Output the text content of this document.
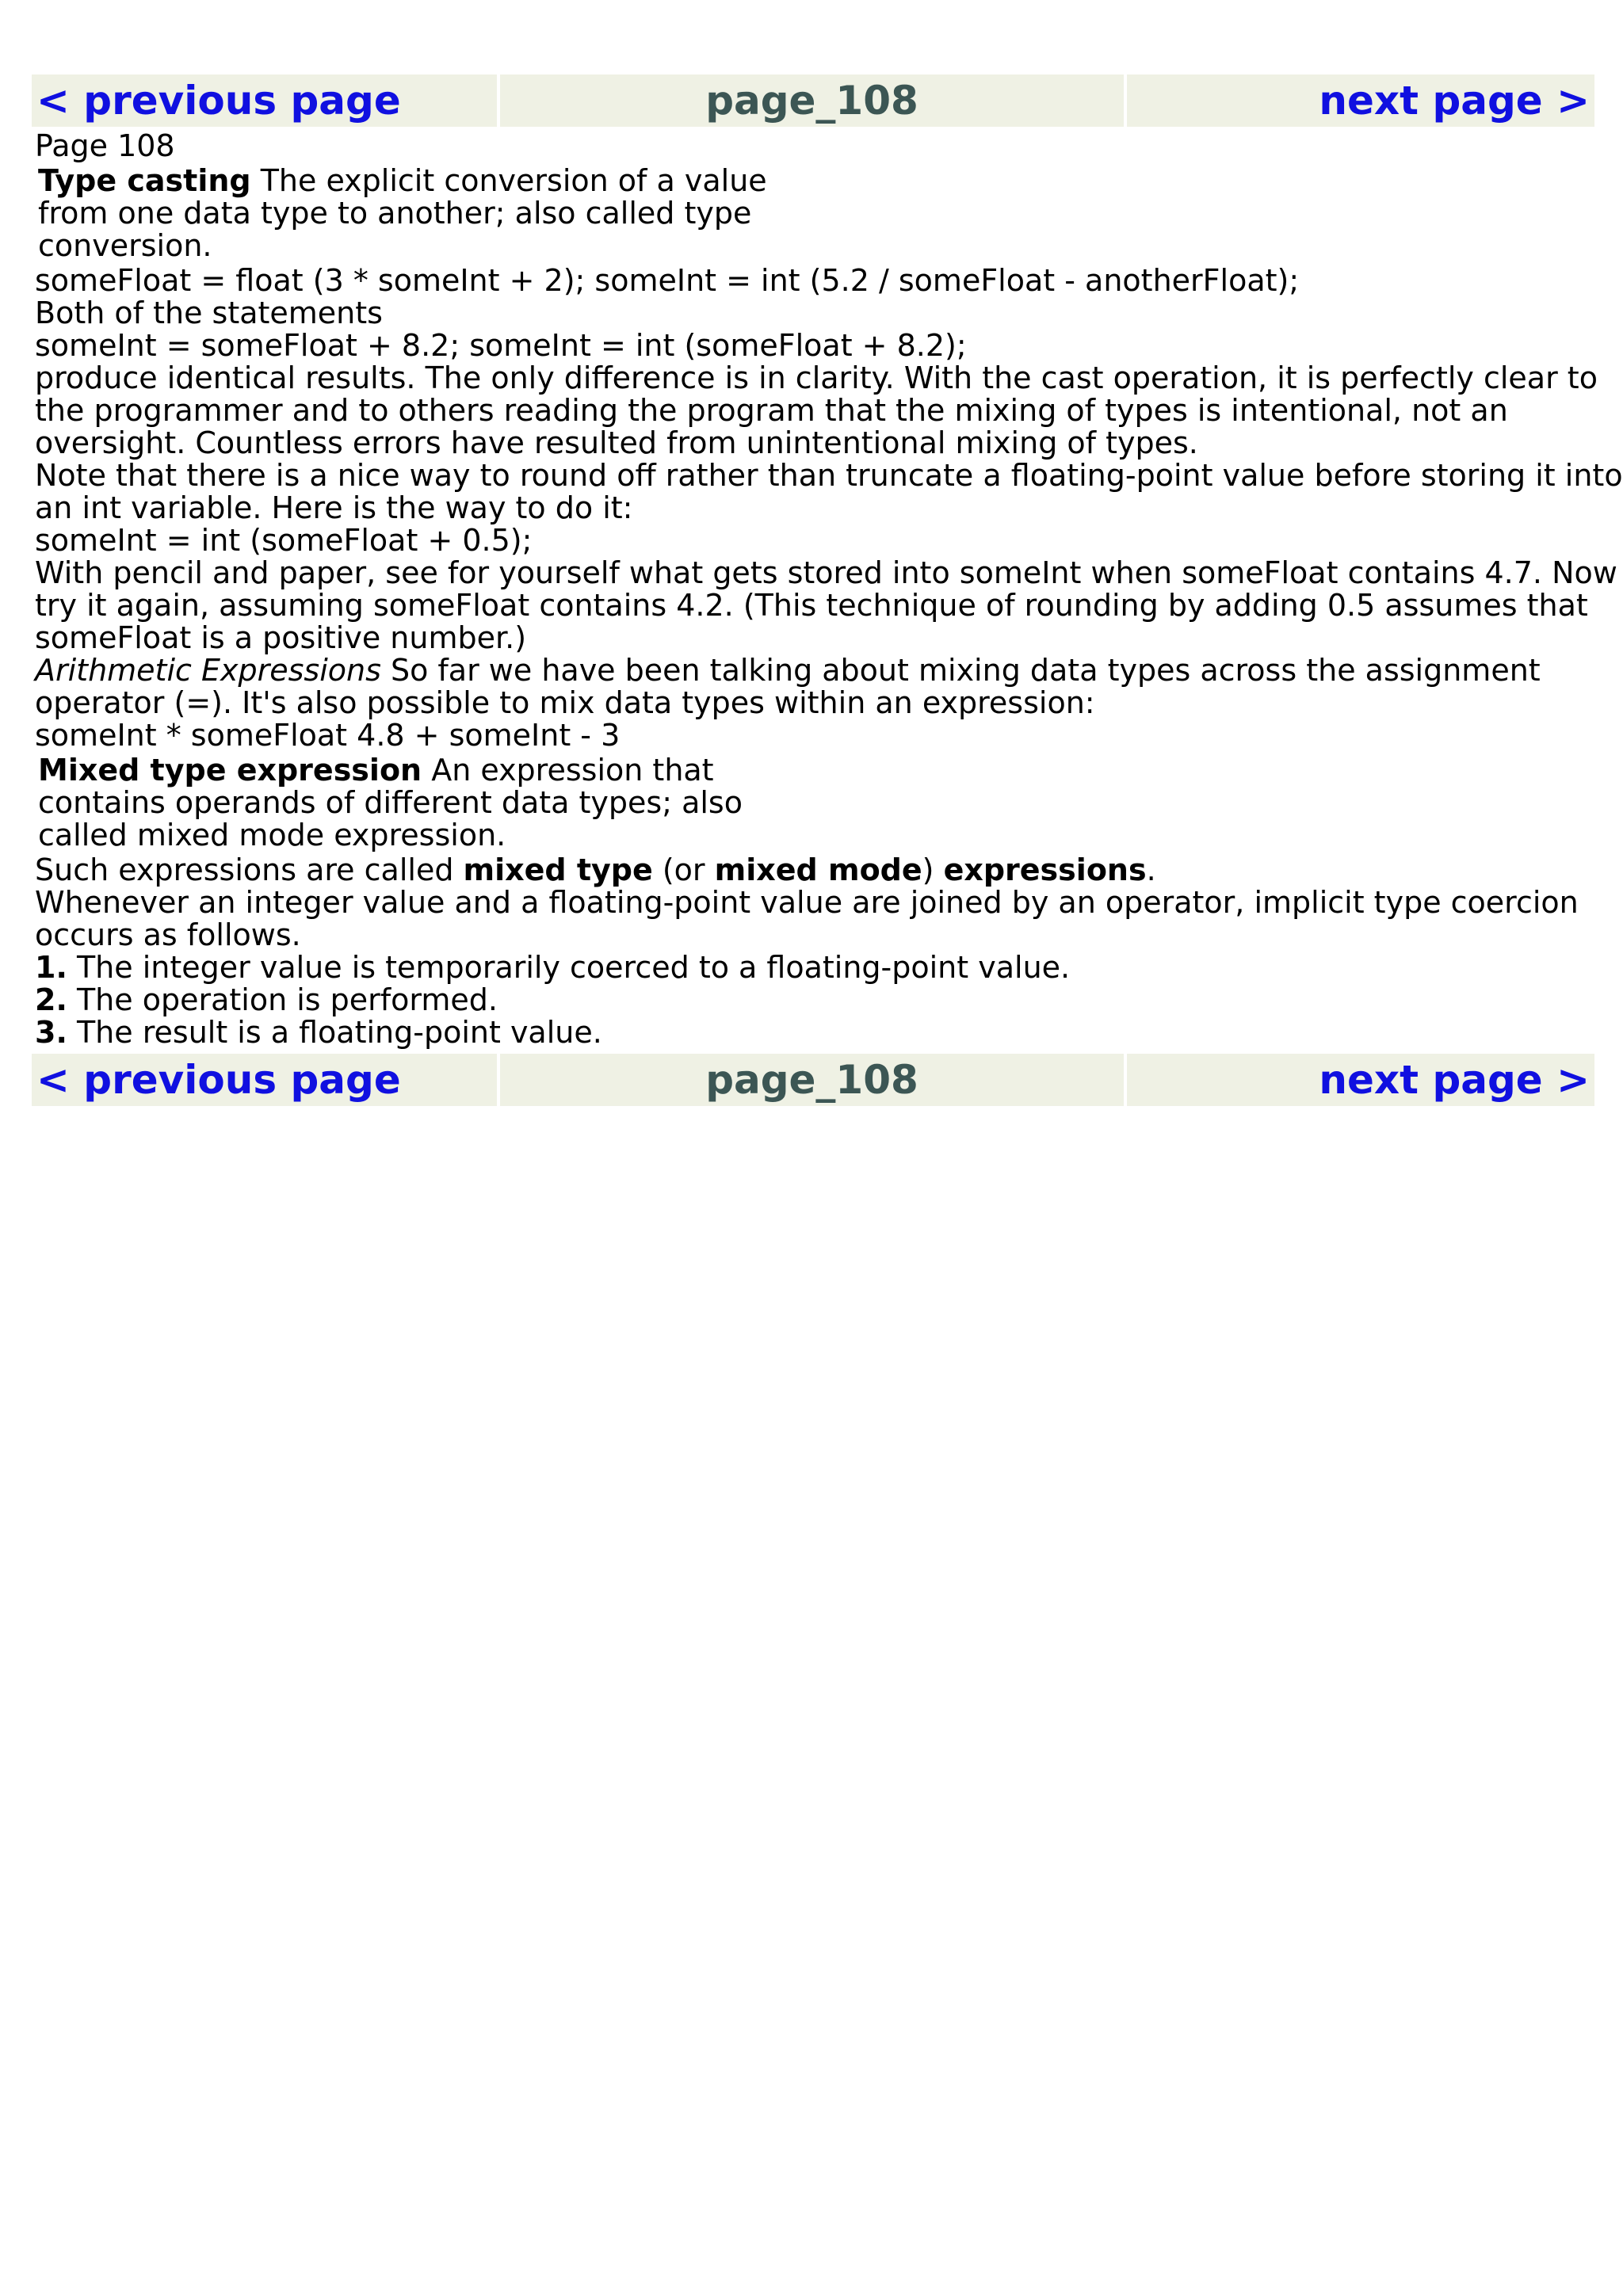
< previous page	page_108	next page >
Page 108
Type casting The explicit conversion of a value
from one data type to another; also called type
conversion.
someFloat = float (3 * someInt + 2); someInt = int (5.2 / someFloat - anotherFloat);
Both of the statements
someInt = someFloat + 8.2; someInt = int (someFloat + 8.2);
produce identical results. The only difference is in clarity. With the cast operation, it is perfectly clear to
the programmer and to others reading the program that the mixing of types is intentional, not an
oversight. Countless errors have resulted from unintentional mixing of types.
Note that there is a nice way to round off rather than truncate a floating-point value before storing it into
an int variable. Here is the way to do it:
someInt = int (someFloat + 0.5);
With pencil and paper, see for yourself what gets stored into someInt when someFloat contains 4.7. Now
try it again, assuming someFloat contains 4.2. (This technique of rounding by adding 0.5 assumes that
someFloat is a positive number.)
Arithmetic Expressions So far we have been talking about mixing data types across the assignment
operator (=). It's also possible to mix data types within an expression:
someInt * someFloat 4.8 + someInt - 3
Mixed type expression An expression that
contains operands of different data types; also
called mixed mode expression.
Such expressions are called mixed type (or mixed mode) expressions.
Whenever an integer value and a floating-point value are joined by an operator, implicit type coercion
occurs as follows.
1. The integer value is temporarily coerced to a floating-point value.
2. The operation is performed.
3. The result is a floating-point value.
< previous page	page_108	next page >
